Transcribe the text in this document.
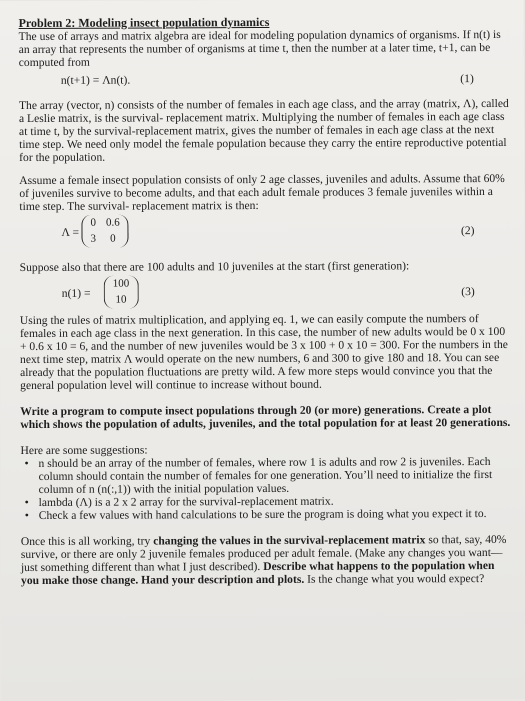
Problem 2: Modeling insect population dynamics

The use of arrays and matrix algebra are ideal for modeling population dynamics of organisms. If n(t) is an array that represents the number of organisms at time t, then the number at a later time, t+1, can be computed from

n(t+1) = Λn(t).	(1)

The array (vector, n) consists of the number of females in each age class, and the array (matrix, Λ), called a Leslie matrix, is the survival- replacement matrix. Multiplying the number of females in each age class at time t, by the survival-replacement matrix, gives the number of females in each age class at the next time step. We need only model the female population because they carry the entire reproductive potential for the population.

Assume a female insect population consists of only 2 age classes, juveniles and adults. Assume that 60% of juveniles survive to become adults, and that each adult female produces 3 female juveniles within a time step. The survival- replacement matrix is then:

Λ =
0 0.6
3	0
(2)

Suppose also that there are 100 adults and 10 juveniles at the start (first generation):

n(1) =
100
10
(3)

Using the rules of matrix multiplication, and applying eq. 1, we can easily compute the numbers of females in each age class in the next generation. In this case, the number of new adults would be 0 x 100 + 0.6 x 10 = 6, and the number of new juveniles would be 3 x 100 + 0 x 10 = 300. For the numbers in the next time step, matrix Λ would operate on the new numbers, 6 and 300 to give 180 and 18. You can see already that the population fluctuations are pretty wild. A few more steps would convince you that the general population level will continue to increase without bound.

Write a program to compute insect populations through 20 (or more) generations. Create a plot which shows the population of adults, juveniles, and the total population for at least 20 generations.

Here are some suggestions:

• n should be an array of the number of females, where row 1 is adults and row 2 is juveniles. Each column should contain the number of females for one generation. You’ll need to initialize the first column of n (n(:,1)) with the initial population values.
• lambda (Λ) is a 2 x 2 array for the survival-replacement matrix.
• Check a few values with hand calculations to be sure the program is doing what you expect it to.

Once this is all working, try changing the values in the survival-replacement matrix so that, say, 40% survive, or there are only 2 juvenile females produced per adult female. (Make any changes you want—just something different than what I just described). Describe what happens to the population when you make those change. Hand your description and plots. Is the change what you would expect?
